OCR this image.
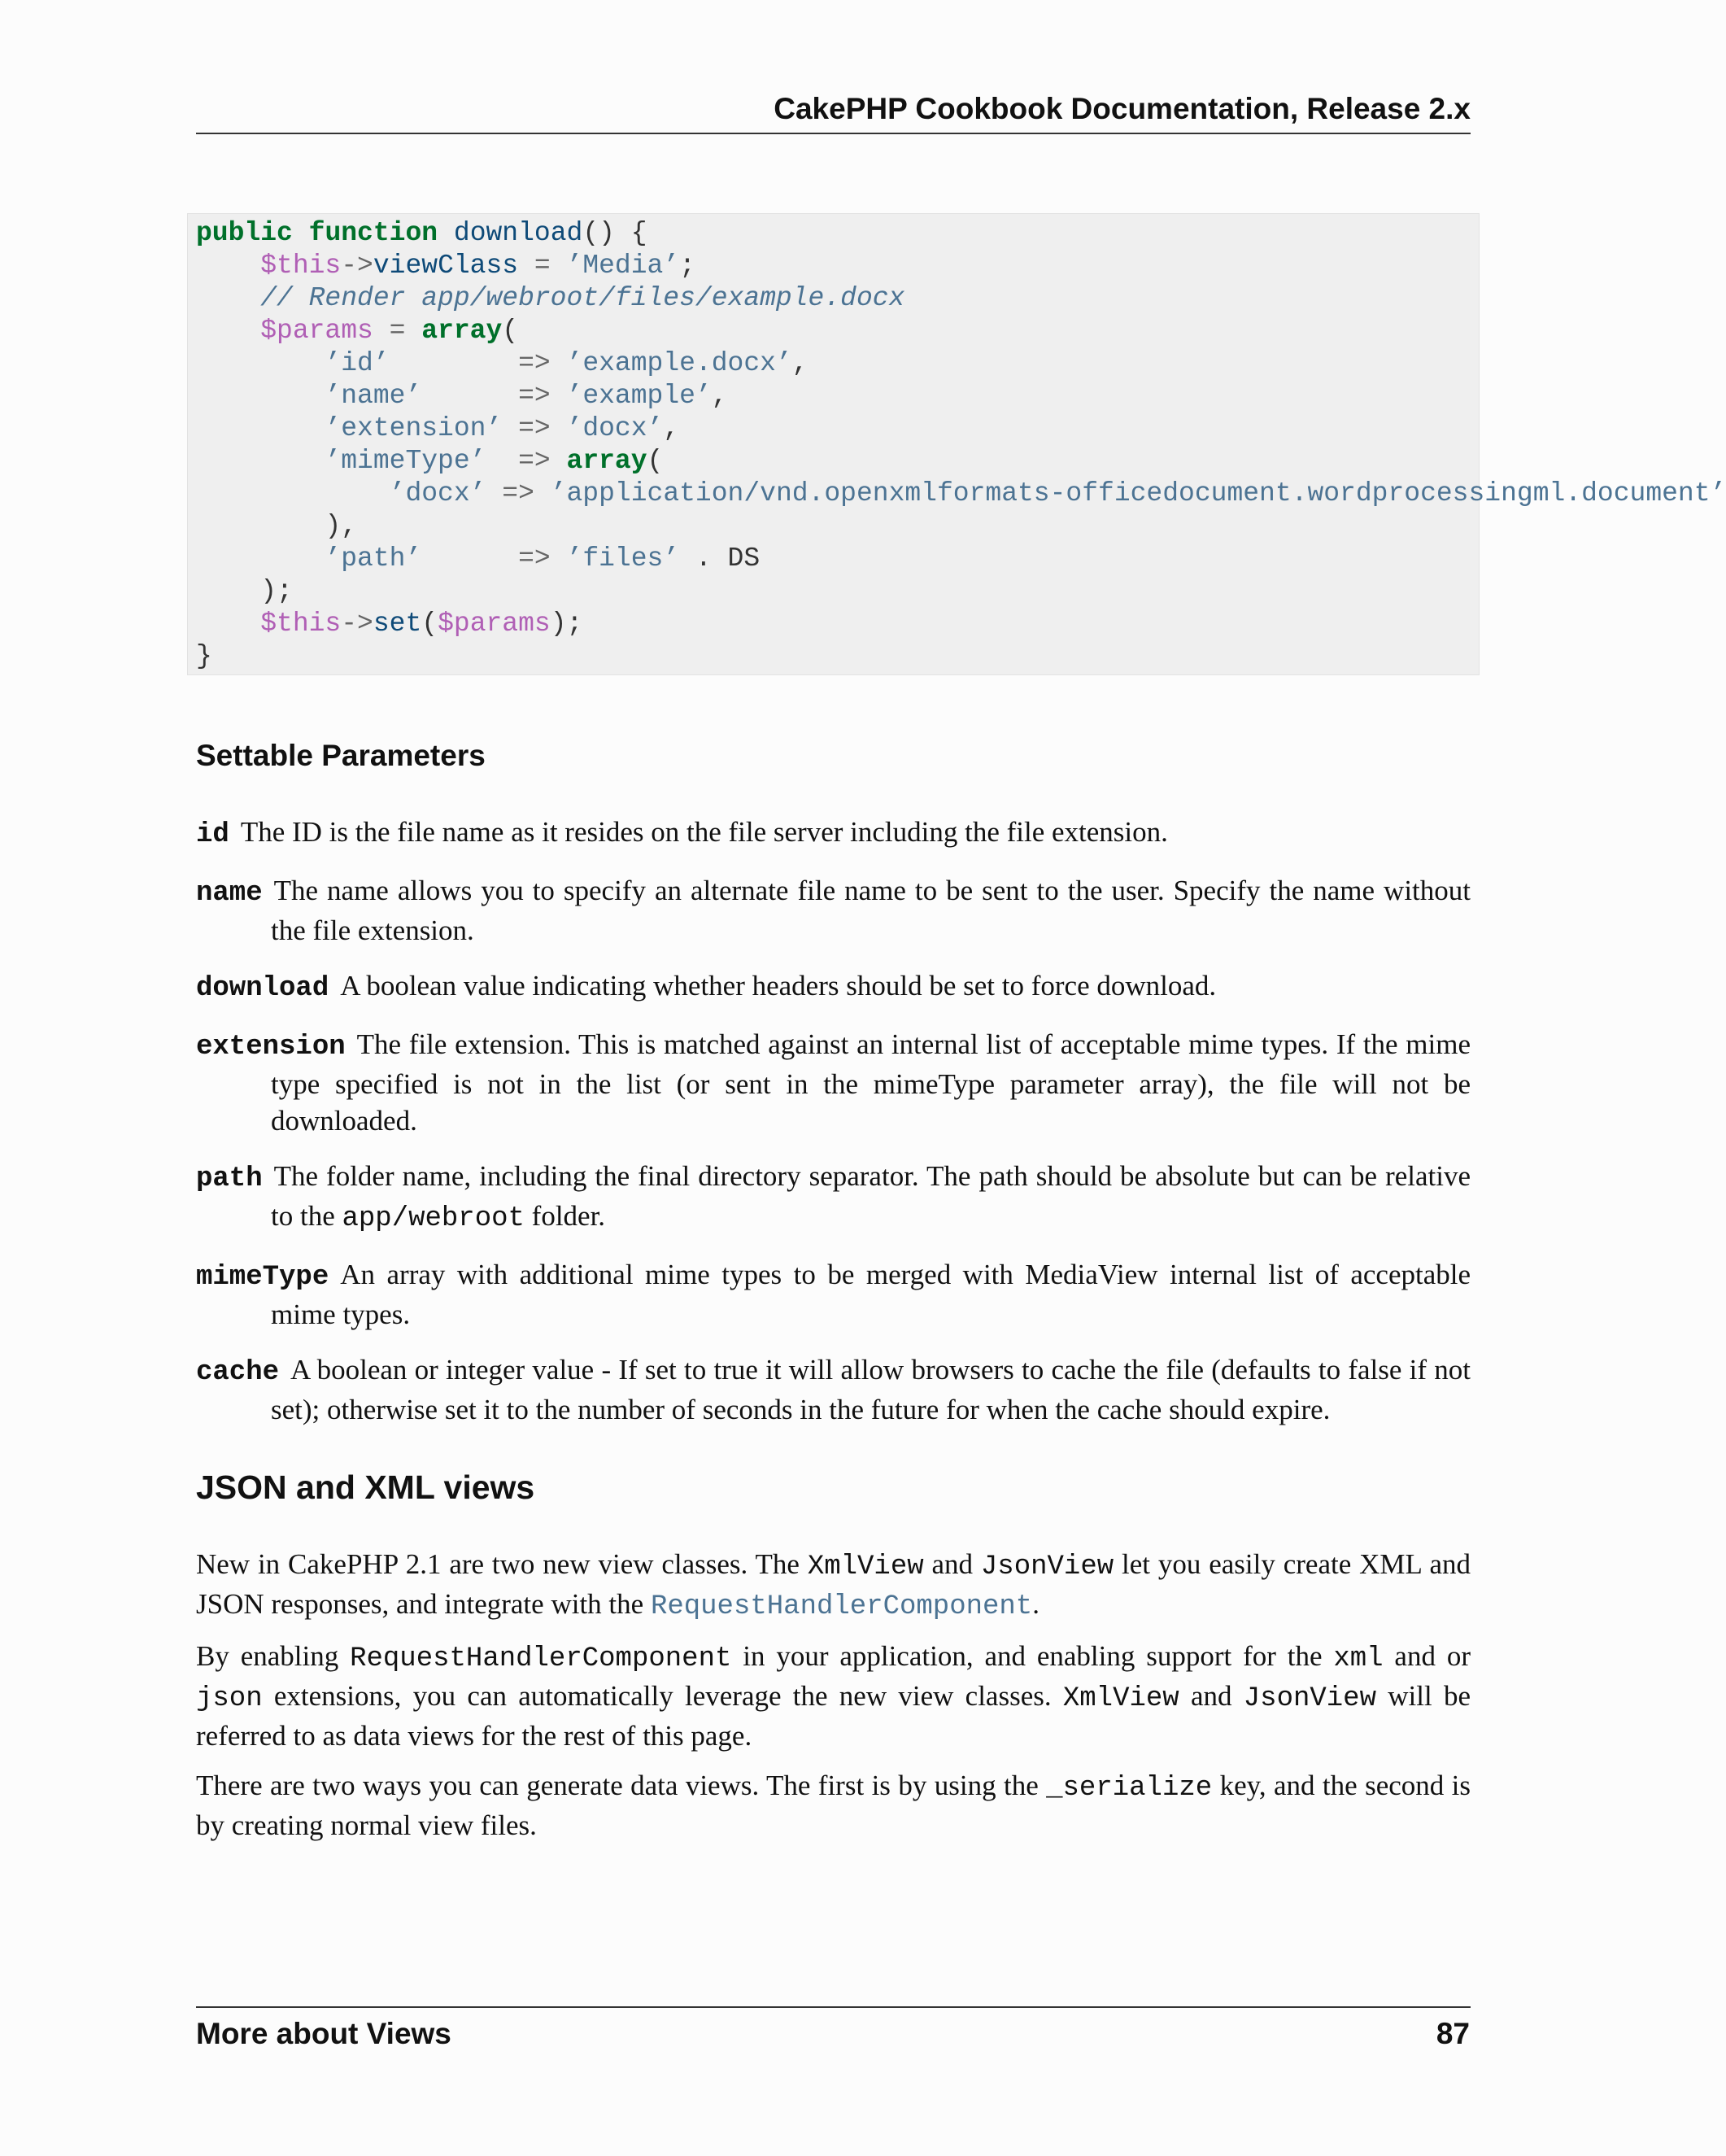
CakePHP Cookbook Documentation, Release 2.x
public function download() {
$this->viewClass = ’Media’;
// Render app/webroot/files/example.docx
$params = array(
’id’	=> ’example.docx’,
’name’	=> ’example’,
’extension’ => ’docx’,
’mimeType’ => array(
’docx’ => ’application/vnd.openxmlformats-officedocument.wordprocessingml.document’
),
’path’	=> ’files’ . DS
);
$this->set($params);
}

Settable Parameters

id The ID is the file name as it resides on the file server including the file extension.

name The name allows you to specify an alternate file name to be sent to the user. Specify the name without the file extension.

download A boolean value indicating whether headers should be set to force download.

extension The file extension. This is matched against an internal list of acceptable mime types. If the mime type specified is not in the list (or sent in the mimeType parameter array), the file will not be downloaded.

path The folder name, including the final directory separator. The path should be absolute but can be relative to the app/webroot folder.

mimeType An array with additional mime types to be merged with MediaView internal list of acceptable mime types.

cache A boolean or integer value - If set to true it will allow browsers to cache the file (defaults to false if not set); otherwise set it to the number of seconds in the future for when the cache should expire.

JSON and XML views

New in CakePHP 2.1 are two new view classes. The XmlView and JsonView let you easily create XML and JSON responses, and integrate with the RequestHandlerComponent.

By enabling RequestHandlerComponent in your application, and enabling support for the xml and or json extensions, you can automatically leverage the new view classes. XmlView and JsonView will be referred to as data views for the rest of this page.

There are two ways you can generate data views. The first is by using the _serialize key, and the second is by creating normal view files.

More about Views	87
